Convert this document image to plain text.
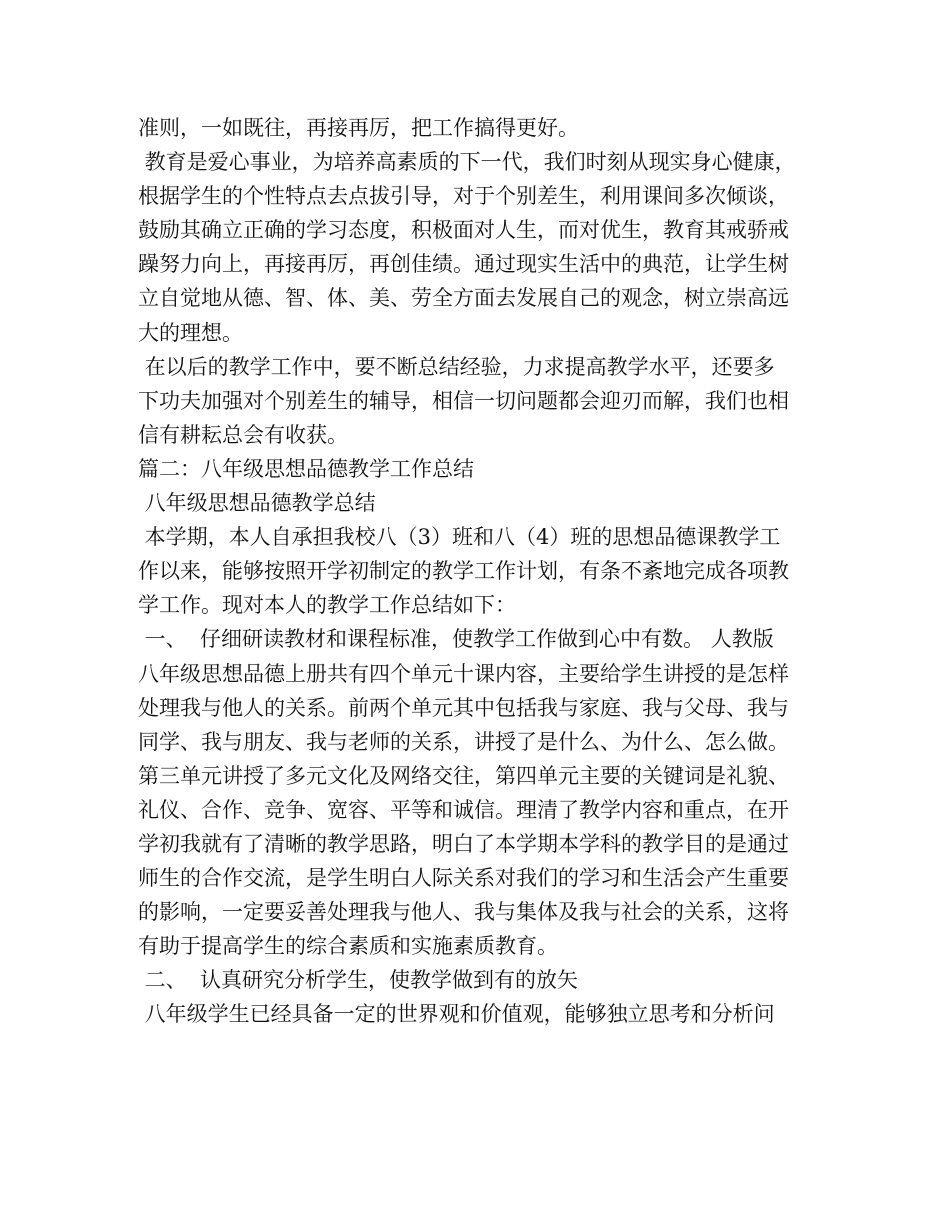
准则，一如既往，再接再厉，把工作搞得更好。
教育是爱心事业，为培养高素质的下一代，我们时刻从现实身心健康，
根据学生的个性特点去点拔引导，对于个别差生，利用课间多次倾谈，
鼓励其确立正确的学习态度，积极面对人生，而对优生，教育其戒骄戒
躁努力向上，再接再厉，再创佳绩。通过现实生活中的典范，让学生树
立自觉地从德、智、体、美、劳全方面去发展自己的观念，树立崇高远
大的理想。
在以后的教学工作中，要不断总结经验，力求提高教学水平，还要多
下功夫加强对个别差生的辅导，相信一切问题都会迎刃而解，我们也相
信有耕耘总会有收获。
篇二：八年级思想品德教学工作总结
八年级思想品德教学总结
本学期，本人自承担我校八（3）班和八（4）班的思想品德课教学工
作以来，能够按照开学初制定的教学工作计划，有条不紊地完成各项教
学工作。现对本人的教学工作总结如下：
一、  仔细研读教材和课程标准，使教学工作做到心中有数。 人教版
八年级思想品德上册共有四个单元十课内容，主要给学生讲授的是怎样
处理我与他人的关系。前两个单元其中包括我与家庭、我与父母、我与
同学、我与朋友、我与老师的关系，讲授了是什么、为什么、怎么做。
第三单元讲授了多元文化及网络交往，第四单元主要的关键词是礼貌、
礼仪、合作、竞争、宽容、平等和诚信。理清了教学内容和重点，在开
学初我就有了清晰的教学思路，明白了本学期本学科的教学目的是通过
师生的合作交流，是学生明白人际关系对我们的学习和生活会产生重要
的影响，一定要妥善处理我与他人、我与集体及我与社会的关系，这将
有助于提高学生的综合素质和实施素质教育。
二、  认真研究分析学生，使教学做到有的放矢
八年级学生已经具备一定的世界观和价值观，能够独立思考和分析问
